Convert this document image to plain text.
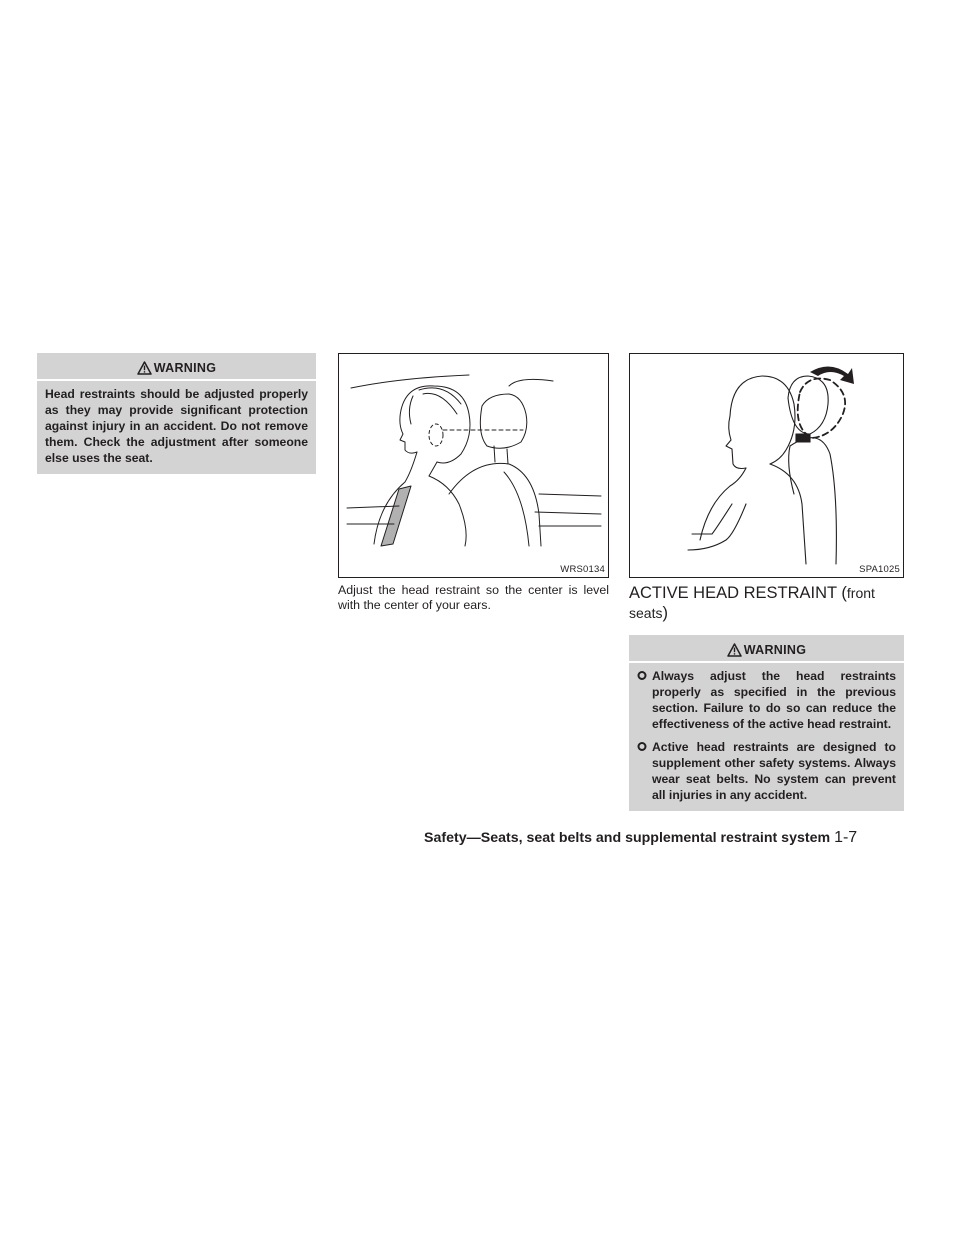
WARNING
Head restraints should be adjusted properly as they may provide significant protection against injury in an accident. Do not remove them. Check the adjustment after someone else uses the seat.
WRS0134
Adjust the head restraint so the center is level with the center of your ears.
SPA1025
ACTIVE HEAD RESTRAINT (front seats)
WARNING
Always adjust the head restraints properly as specified in the previous section. Failure to do so can reduce the effectiveness of the active head restraint.
Active head restraints are designed to supplement other safety systems. Always wear seat belts. No system can prevent all injuries in any accident.
Safety—Seats, seat belts and supplemental restraint system 1-7
